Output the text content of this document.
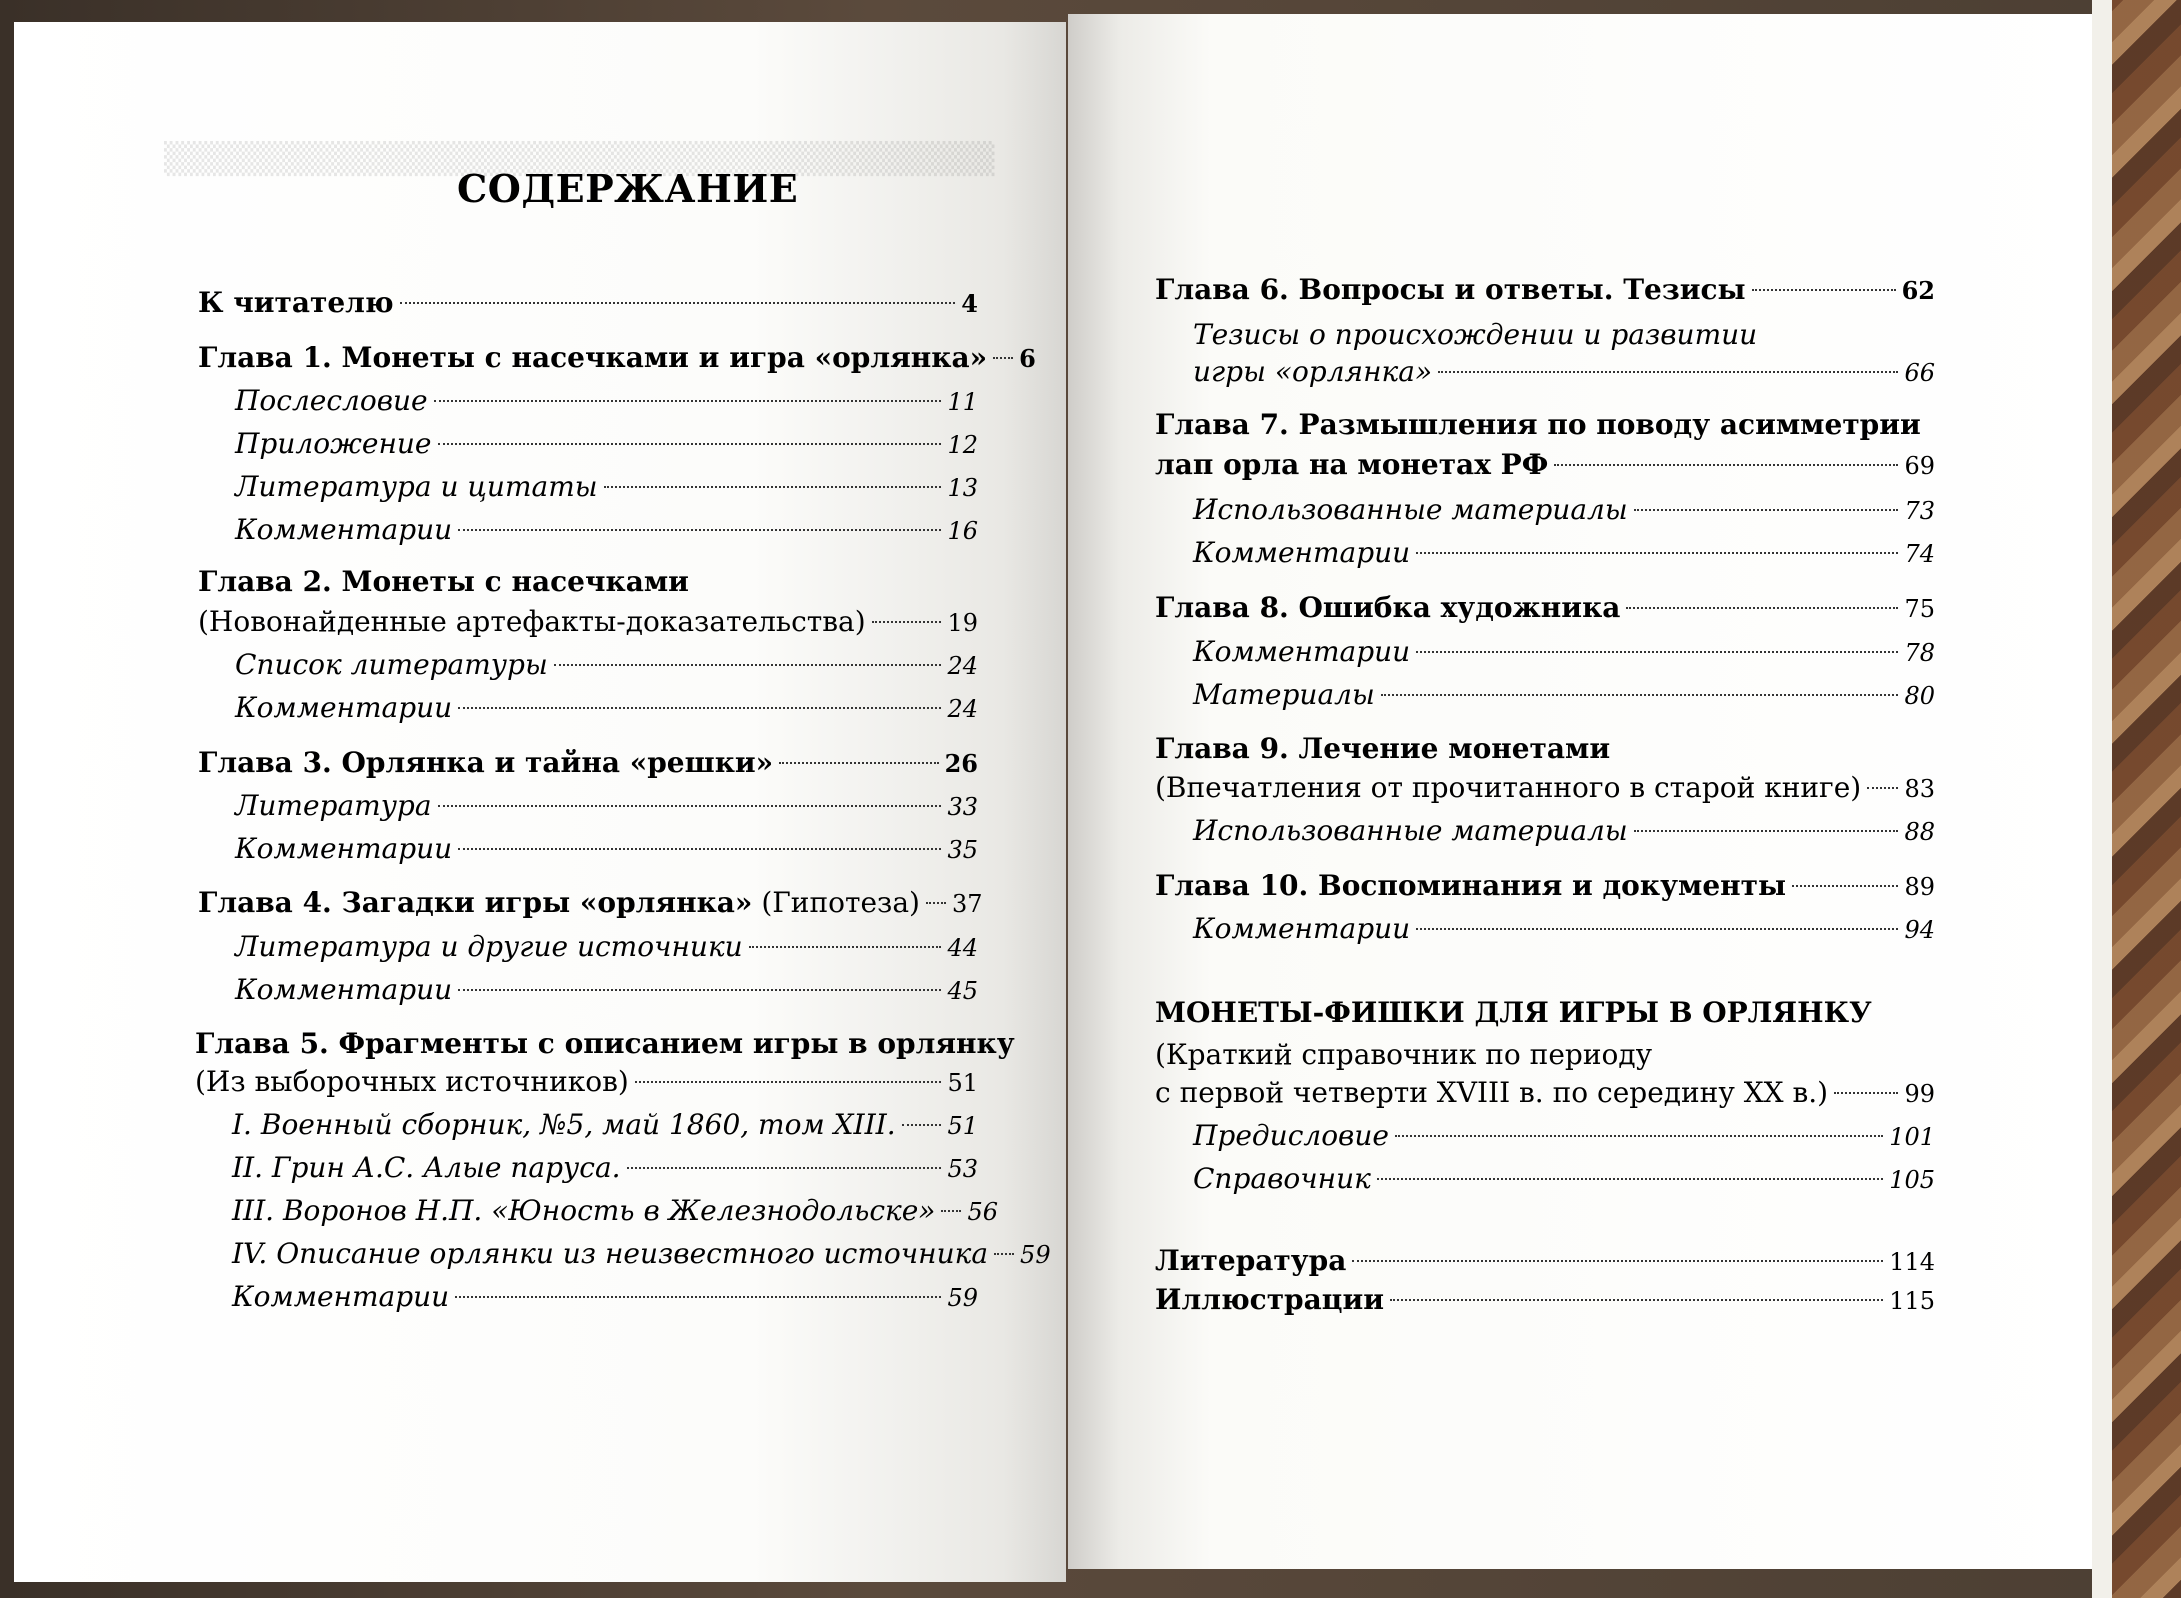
▒▒▒▒▒▒▒▒▒▒▒▒▒▒▒▒▒▒▒▒▒▒▒▒▒▒▒▒▒▒▒▒▒▒▒▒
СОДЕРЖАНИЕ
К читателю	4
Глава 1. Монеты с насечками и игра «орлянка» 6
Послесловие	11
Приложение	12
Литература и цитаты	13
Комментарии	16
Глава 2. Монеты с насечками
(Новонайденные артефакты-доказательства)	19
Список литературы	24
Комментарии	24
Глава 3. Орлянка и тайна «решки»	26
Литература	33
Комментарии	35
Глава 4. Загадки игры «орлянка» (Гипотеза) 37
Литература и другие источники	44
Комментарии	45
Глава 5. Фрагменты с описанием игры в орлянку
(Из выборочных источников)	51
I. Военный сборник, №5, май 1860, том XIII. 51
II. Грин А.С. Алые паруса.	53
III. Воронов Н.П. «Юность в Железнодольске» 56
IV. Описание орлянки из неизвестного источника 59
Комментарии	59
Глава 6. Вопросы и ответы. Тезисы	62
Тезисы о происхождении и развитии
игры «орлянка»	66
Глава 7. Размышления по поводу асимметрии
лап орла на монетах РФ	69
Использованные материалы	73
Комментарии	74
Глава 8. Ошибка художника	75
Комментарии	78
Материалы	80
Глава 9. Лечение монетами
(Впечатления от прочитанного в старой книге) 83
Использованные материалы	88
Глава 10. Воспоминания и документы	89
Комментарии	94
МОНЕТЫ-ФИШКИ ДЛЯ ИГРЫ В ОРЛЯНКУ
(Краткий справочник по периоду
с первой четверти XVIII в. по середину XX в.)	99
Предисловие	101
Справочник	105
Литература	114
Иллюстрации	115
